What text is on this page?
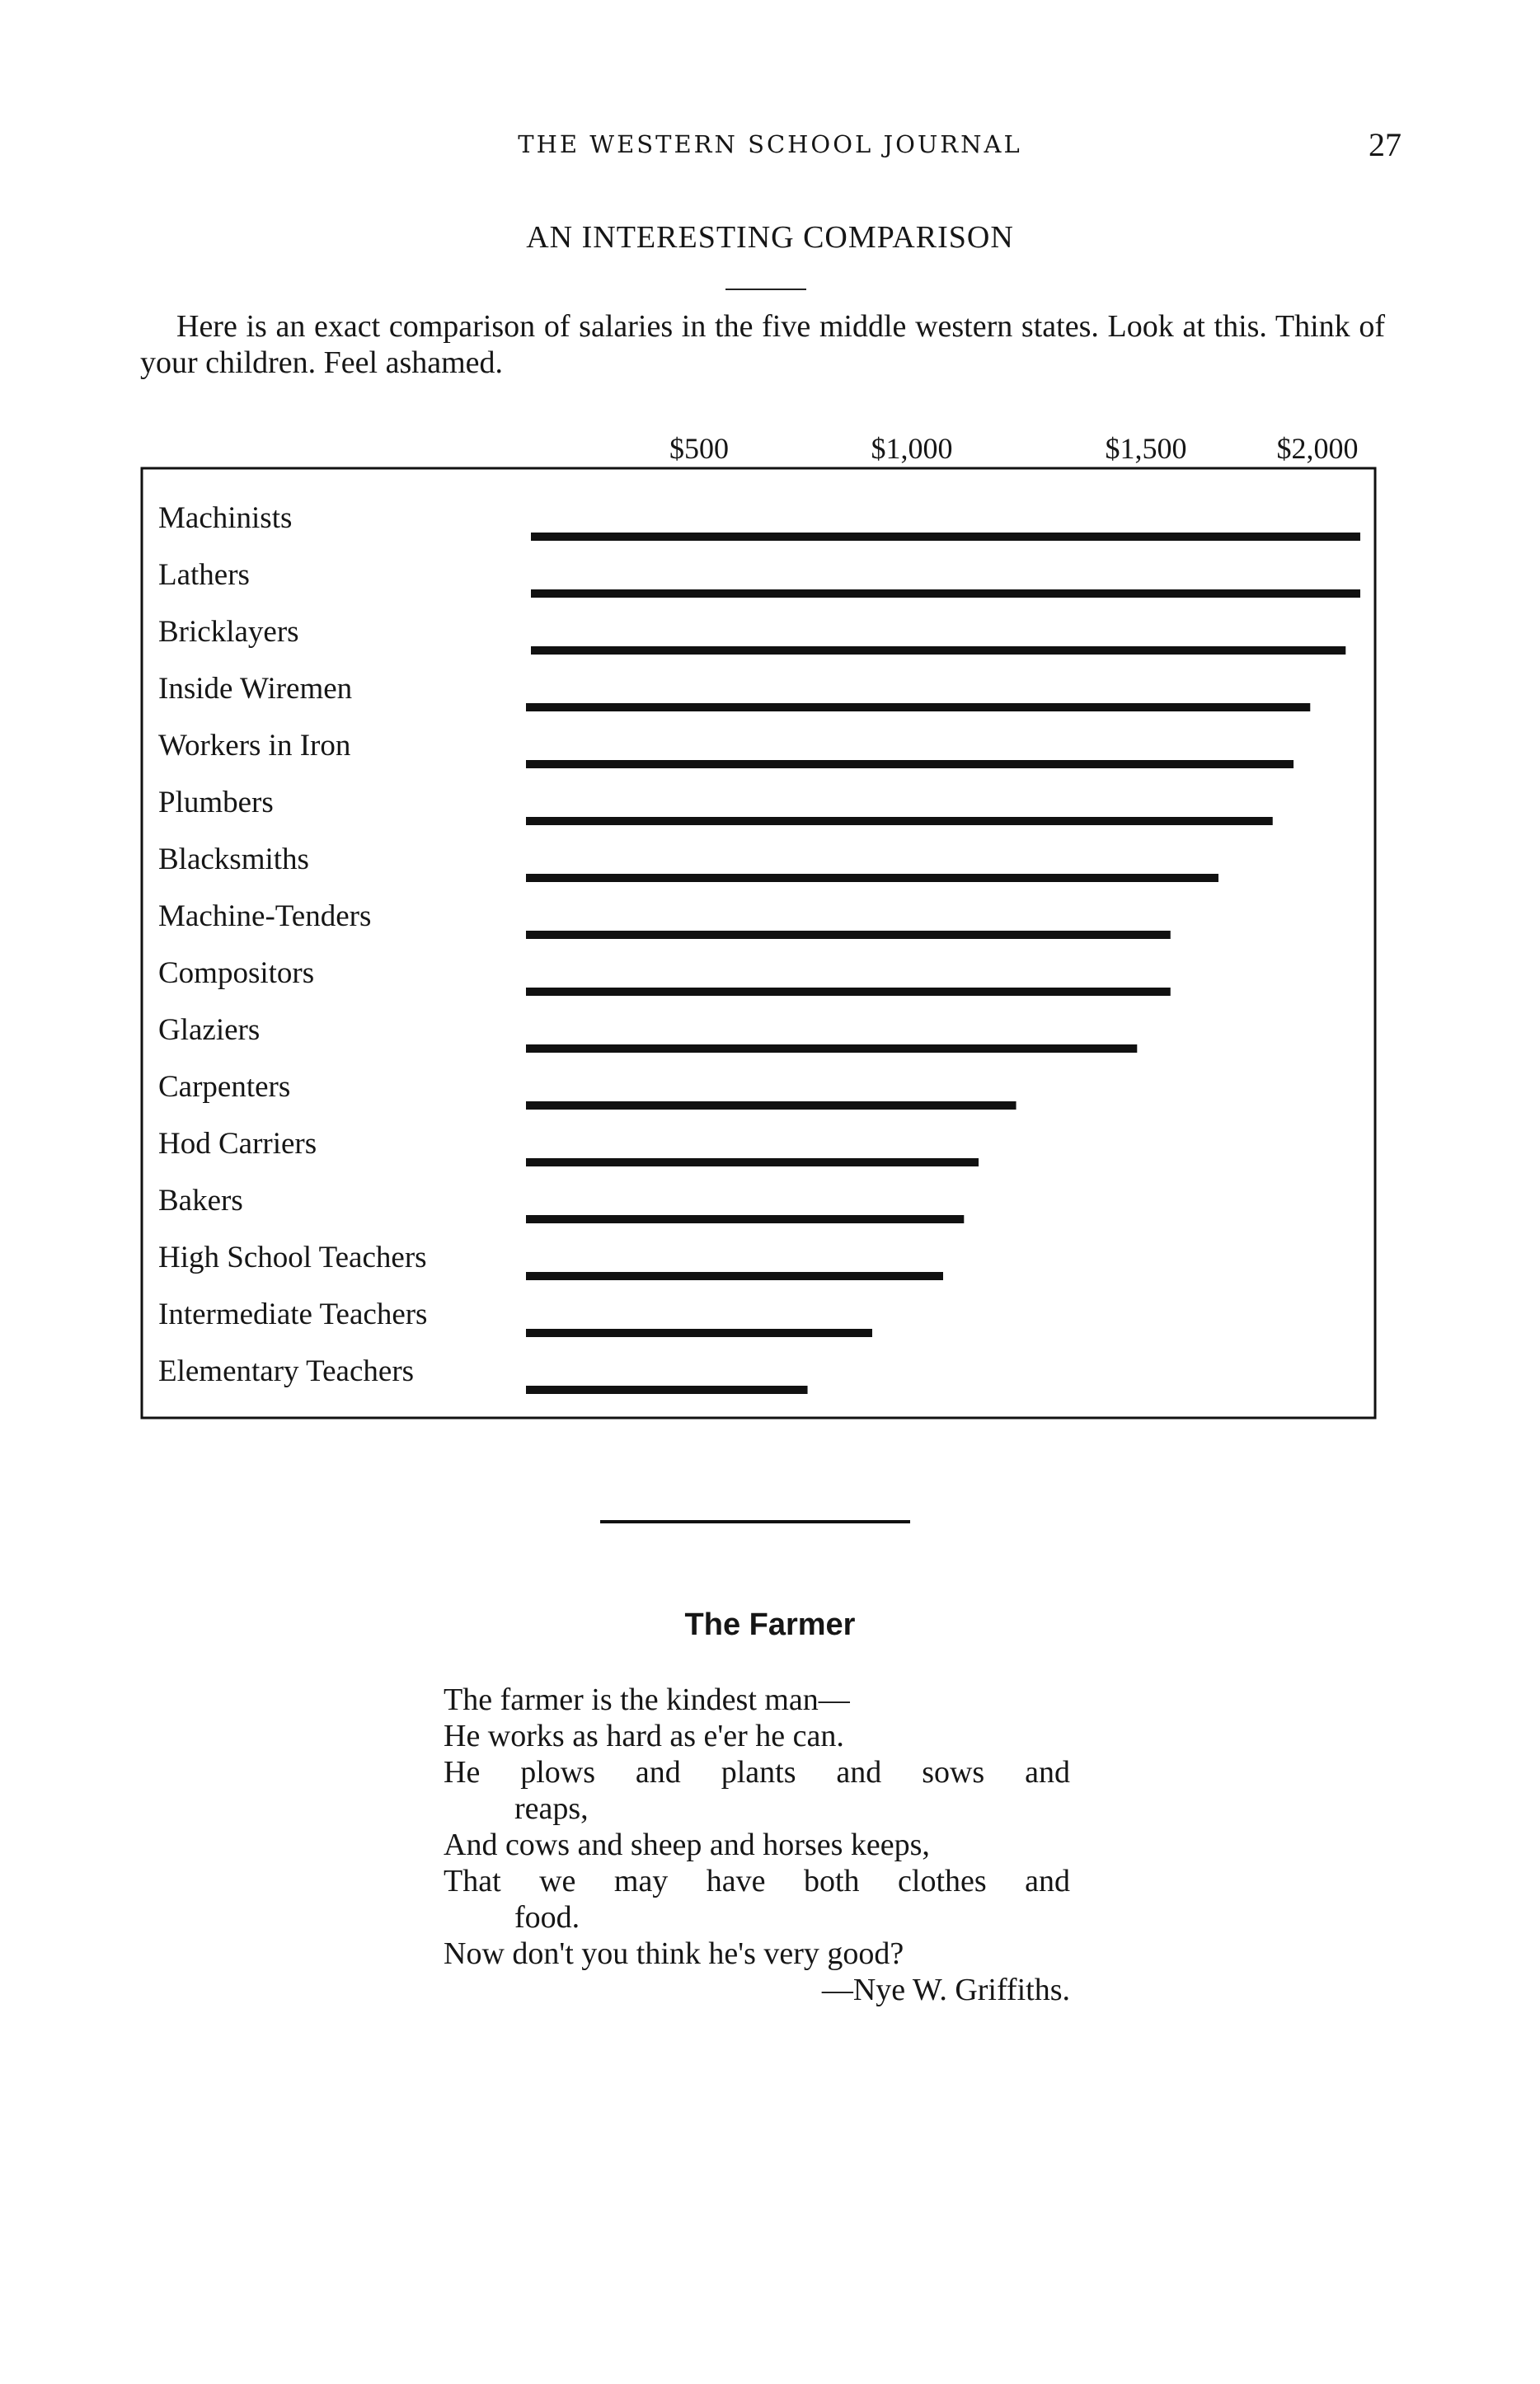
THE WESTERN SCHOOL JOURNAL	27
AN INTERESTING COMPARISON
Here is an exact comparison of salaries in the five middle western states. Look at this. Think of your children. Feel ashamed.
$500	$1,000	$1,500	$2,000
Machinists
Lathers
Bricklayers
Inside Wiremen
Workers in Iron
Plumbers
Blacksmiths
Machine-Tenders
Compositors
Glaziers
Carpenters
Hod Carriers
Bakers
High School Teachers
Intermediate Teachers
Elementary Teachers
The Farmer
The farmer is the kindest man—
He works as hard as e'er he can.
He plows and plants and sows and
reaps,
And cows and sheep and horses keeps,
That we may have both clothes and
food.
Now don't you think he's very good?
—Nye W. Griffiths.
